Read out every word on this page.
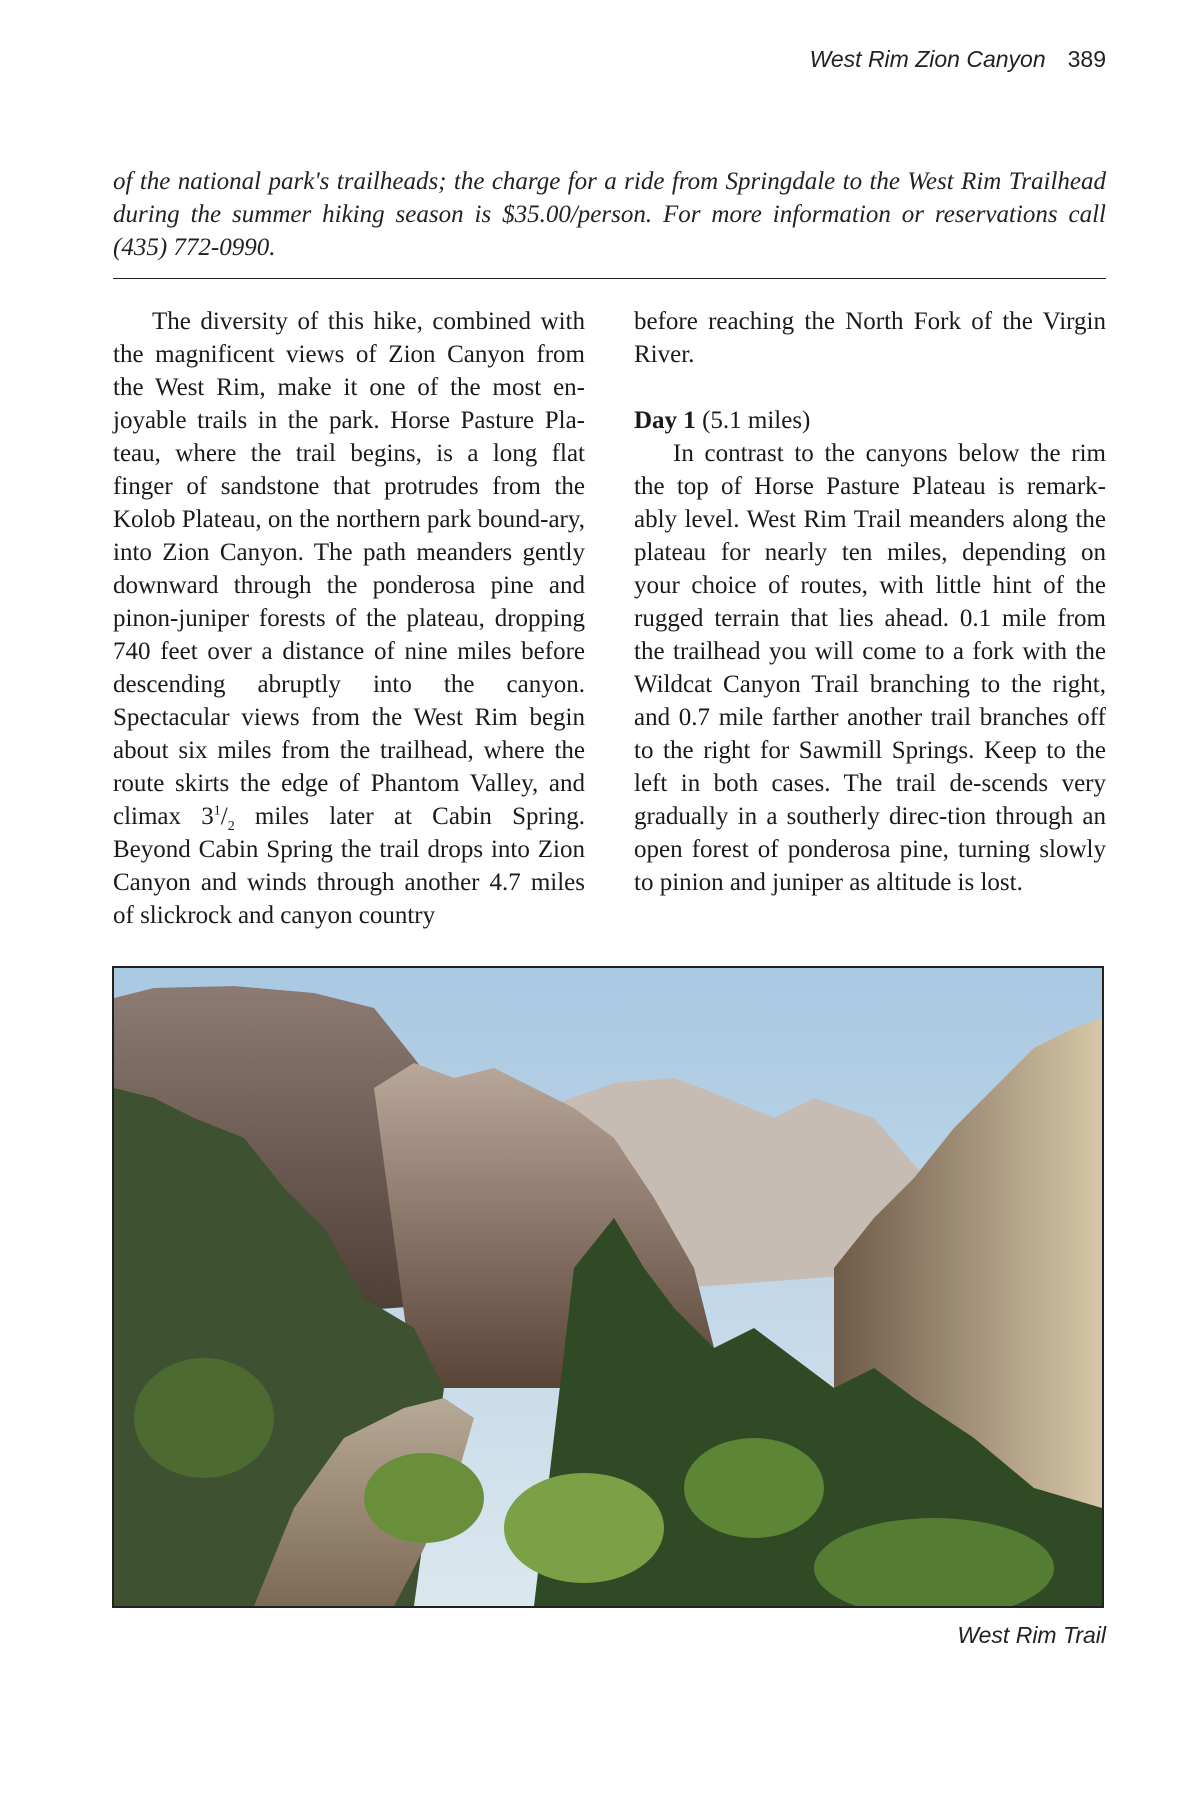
West Rim Zion Canyon 389

of the national park's trailheads; the charge for a ride from Springdale to the West Rim Trailhead during the summer hiking season is $35.00/person. For more information or reservations call (435) 772-0990.

The diversity of this hike, combined with the magnificent views of Zion Canyon from the West Rim, make it one of the most en-joyable trails in the park. Horse Pasture Pla-teau, where the trail begins, is a long flat finger of sandstone that protrudes from the Kolob Plateau, on the northern park bound-ary, into Zion Canyon. The path meanders gently downward through the ponderosa pine and pinon-juniper forests of the plateau, dropping 740 feet over a distance of nine miles before descending abruptly into the canyon. Spectacular views from the West Rim begin about six miles from the trailhead, where the route skirts the edge of Phantom Valley, and climax $3^1/_2$ miles later at Cabin Spring. Beyond Cabin Spring the trail drops into Zion Canyon and winds through another 4.7 miles of slickrock and canyon country

before reaching the North Fork of the Virgin River.

Day 1 (5.1 miles)

In contrast to the canyons below the rim the top of Horse Pasture Plateau is remark-ably level. West Rim Trail meanders along the plateau for nearly ten miles, depending on your choice of routes, with little hint of the rugged terrain that lies ahead. 0.1 mile from the trailhead you will come to a fork with the Wildcat Canyon Trail branching to the right, and 0.7 mile farther another trail branches off to the right for Sawmill Springs. Keep to the left in both cases. The trail de-scends very gradually in a southerly direc-tion through an open forest of ponderosa pine, turning slowly to pinion and juniper as altitude is lost.

West Rim Trail
